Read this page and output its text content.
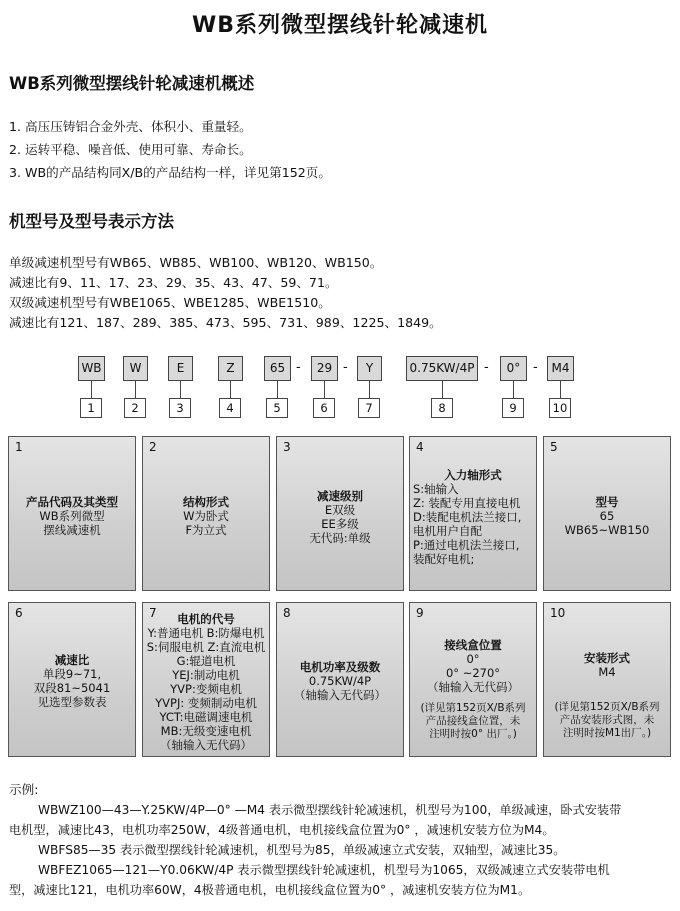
WB系列微型摆线针轮减速机
WB系列微型摆线针轮减速机概述
1. 高压压铸铝合金外壳、体积小、重量轻。
2. 运转平稳、噪音低、使用可靠、寿命长。
3. WB的产品结构同X/B的产品结构一样，详见第152页。
机型号及型号表示方法
单级减速机型号有WB65、WB85、WB100、WB120、WB150。
减速比有9、11、17、23、29、35、43、47、59、71。
双级减速机型号有WBE1065、WBE1285、WBE1510。
减速比有121、187、289、385、473、595、731、989、1225、1849。
WB	W	E	Z	65 -	29 -	Y	0.75KW/4P -	0° -	M4
1	2	3	4	5	6	7	8	9	10
1
产品代码及其类型
WB系列微型
摆线减速机
2
结构形式
W为卧式
F为立式
3
减速级别
E双级
EE多级
无代码:单级
4
入力轴形式
S:轴输入
Z: 装配专用直接电机
D:装配电机法兰接口,
电机用户自配
P:通过电机法兰接口,
装配好电机;
5
型号
65
WB65~WB150
6
减速比
单段9~71,
双段81~5041
见选型参数表
7	电机的代号
Y:普通电机 B:防爆电机
S:伺服电机 Z:直流电机
G:辊道电机
YEJ:制动电机
YVP:变频电机
YVPJ: 变频制动电机
YCT:电磁调速电机
MB:无级变速电机
（轴输入无代码）
8
电机功率及级数
0.75KW/4P
（轴输入无代码）
9
接线盒位置
0°
0° ~270°
（轴输入无代码）
(详见第152页X/B系列
产品接线盒位置，未
注明时按0° 出厂。)
10
安装形式
M4
(详见第152页X/B系列
产品安装形式图，未
注明时按M1出厂。)
示例:
WBWZ100—43—Y.25KW/4P—0° —M4 表示微型摆线针轮减速机，机型号为100，单级减速，卧式安装带
电机型，减速比43，电机功率250W，4级普通电机，电机接线盒位置为0° ，减速机安装方位为M4。
WBFS85—35 表示微型摆线针轮减速机，机型号为85，单级减速立式安装，双轴型，减速比35。
WBFEZ1065—121—Y0.06KW/4P 表示微型摆线针轮减速机，机型号为1065，双级减速立式安装带电机
型，减速比121，电机功率60W，4极普通电机，电机接线盒位置为0° ，减速机安装方位为M1。
